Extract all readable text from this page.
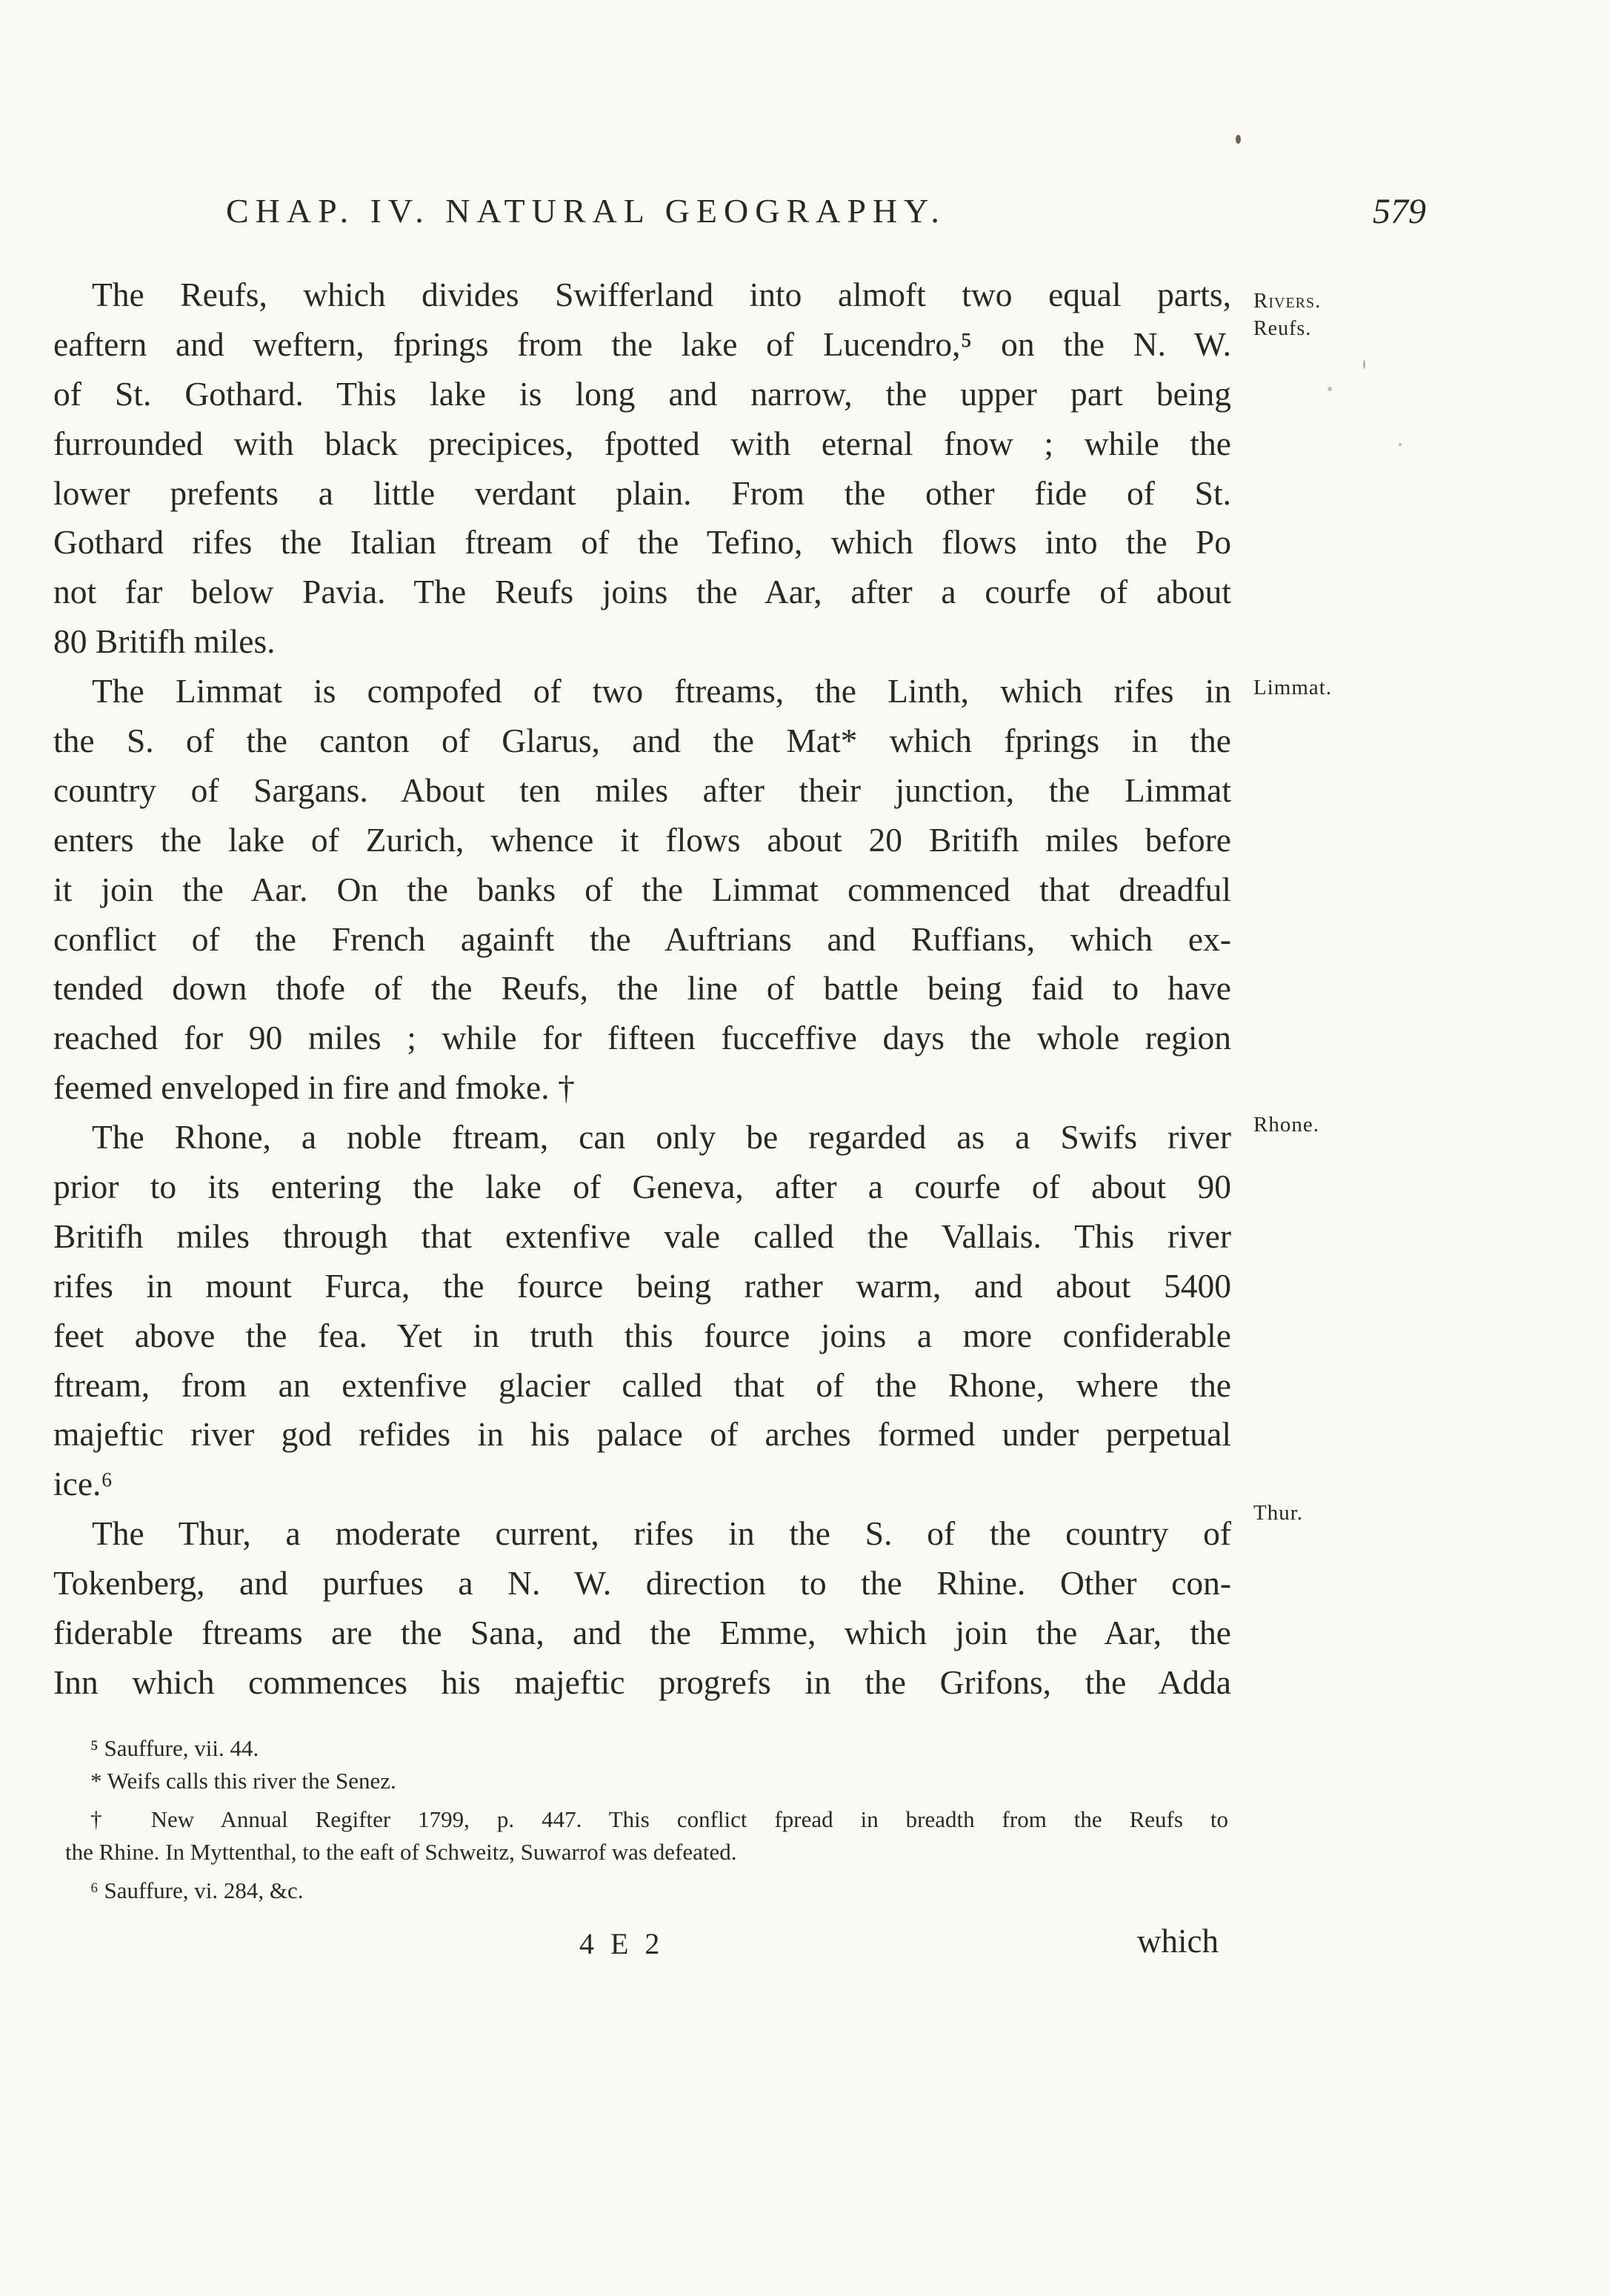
CHAP. IV. NATURAL GEOGRAPHY.	579
The Reufs, which divides Swifferland into almoft two equal parts,
eaftern and weftern, fprings from the lake of Lucendro,⁵ on the N. W.
of St. Gothard. This lake is long and narrow, the upper part being
furrounded with black precipices, fpotted with eternal fnow ; while the
lower prefents a little verdant plain. From the other fide of St.
Gothard rifes the Italian ftream of the Tefino, which flows into the Po
not far below Pavia. The Reufs joins the Aar, after a courfe of about
80 Britifh miles.
The Limmat is compofed of two ftreams, the Linth, which rifes in
the S. of the canton of Glarus, and the Mat* which fprings in the
country of Sargans. About ten miles after their junction, the Limmat
enters the lake of Zurich, whence it flows about 20 Britifh miles before
it join the Aar. On the banks of the Limmat commenced that dreadful
conflict of the French againft the Auftrians and Ruffians, which ex-
tended down thofe of the Reufs, the line of battle being faid to have
reached for 90 miles ; while for fifteen fucceffive days the whole region
feemed enveloped in fire and fmoke. †
The Rhone, a noble ftream, can only be regarded as a Swifs river
prior to its entering the lake of Geneva, after a courfe of about 90
Britifh miles through that extenfive vale called the Vallais. This river
rifes in mount Furca, the fource being rather warm, and about 5400
feet above the fea. Yet in truth this fource joins a more confiderable
ftream, from an extenfive glacier called that of the Rhone, where the
majeftic river god refides in his palace of arches formed under perpetual
ice.⁶
The Thur, a moderate current, rifes in the S. of the country of
Tokenberg, and purfues a N. W. direction to the Rhine. Other con-
fiderable ftreams are the Sana, and the Emme, which join the Aar, the
Inn which commences his majeftic progrefs in the Grifons, the Adda
Rivers.
Reufs.
Limmat.
Rhone.
Thur.
⁵ Sauffure, vii. 44.
* Weifs calls this river the Senez.
† New Annual Regifter 1799, p. 447. This conflict fpread in breadth from the Reufs to
the Rhine. In Myttenthal, to the eaft of Schweitz, Suwarrof was defeated.
⁶ Sauffure, vi. 284, &c.
4 E 2	which
